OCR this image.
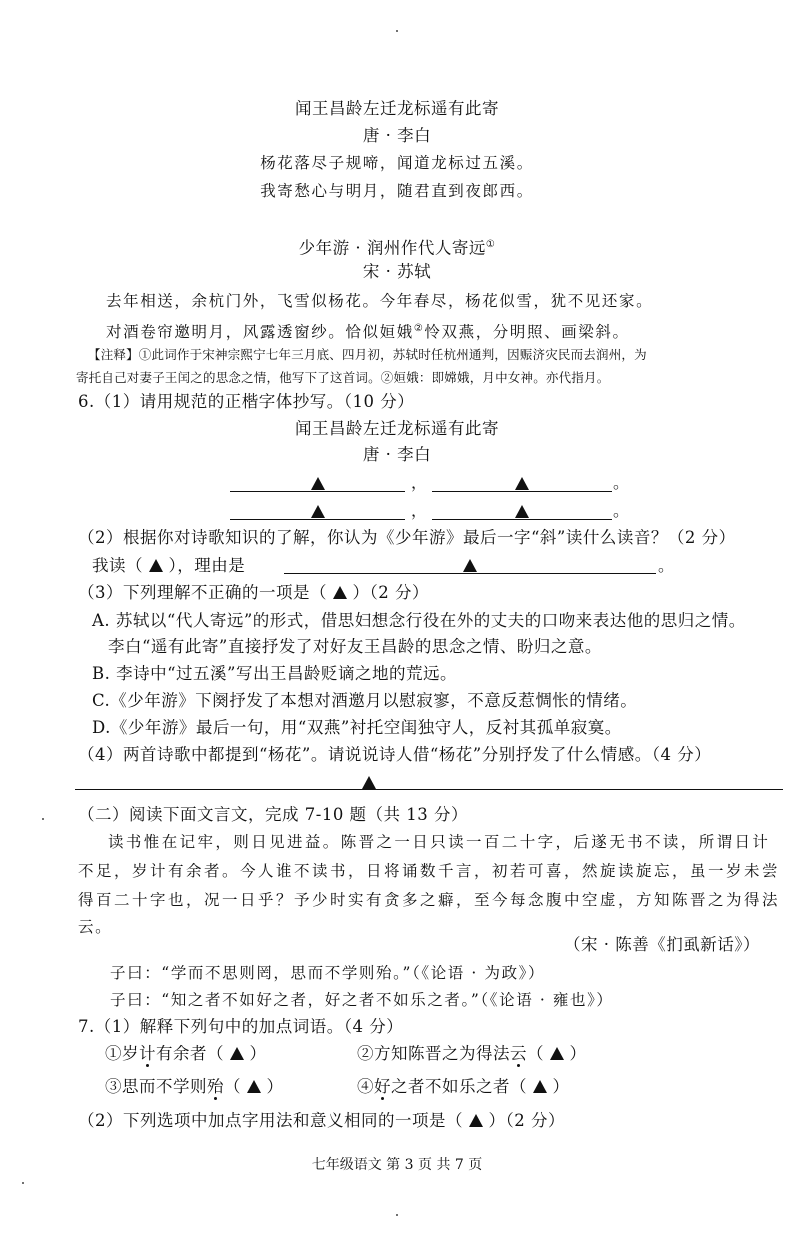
闻王昌龄左迁龙标遥有此寄
唐 · 李白
杨花落尽子规啼，闻道龙标过五溪。
我寄愁心与明月，随君直到夜郎西。
少年游 · 润州作代人寄远①
宋 · 苏轼
去年相送，余杭门外，飞雪似杨花。今年春尽，杨花似雪，犹不见还家。
对酒卷帘邀明月，风露透窗纱。恰似姮娥②怜双燕，分明照、画梁斜。
【注释】①此词作于宋神宗熙宁七年三月底、四月初，苏轼时任杭州通判，因赈济灾民而去润州，为
寄托自己对妻子王闰之的思念之情，他写下了这首词。②姮娥：即嫦娥，月中女神。亦代指月。
6.（1）请用规范的正楷字体抄写。（10 分）
闻王昌龄左迁龙标遥有此寄
唐 · 李白
，	。
，	。
（2）根据你对诗歌知识的了解，你认为《少年游》最后一字“斜”读什么读音？（2 分）
我读（ ），理由是	。
（3）下列理解不正确的一项是（ ）（2 分）
A. 苏轼以“代人寄远”的形式，借思妇想念行役在外的丈夫的口吻来表达他的思归之情。
李白“遥有此寄”直接抒发了对好友王昌龄的思念之情、盼归之意。
B. 李诗中“过五溪”写出王昌龄贬谪之地的荒远。
C.《少年游》下阕抒发了本想对酒邀月以慰寂寥，不意反惹惆怅的情绪。
D.《少年游》最后一句，用“双燕”衬托空闺独守人，反衬其孤单寂寞。
（4）两首诗歌中都提到“杨花”。请说说诗人借“杨花”分别抒发了什么情感。（4 分）
（二）阅读下面文言文，完成 7-10 题（共 13 分）
读书惟在记牢，则日见进益。陈晋之一日只读一百二十字，后遂无书不读，所谓日计
不足，岁计有余者。今人谁不读书，日将诵数千言，初若可喜，然旋读旋忘，虽一岁未尝
得百二十字也，况一日乎？予少时实有贪多之癖，至今每念腹中空虚，方知陈晋之为得法
云。
（宋 · 陈善《扪虱新话》）
子曰：“学而不思则罔，思而不学则殆。”（《论语 · 为政》）
子曰：“知之者不如好之者，好之者不如乐之者。”（《论语 · 雍也》）
7.（1）解释下列句中的加点词语。（4 分）
①岁计有余者（ ）	②方知陈晋之为得法云（ ）
③思而不学则殆（ ）	④好之者不如乐之者（ ）
（2）下列选项中加点字用法和意义相同的一项是（ ）（2 分）
七年级语文 第 3 页 共 7 页
